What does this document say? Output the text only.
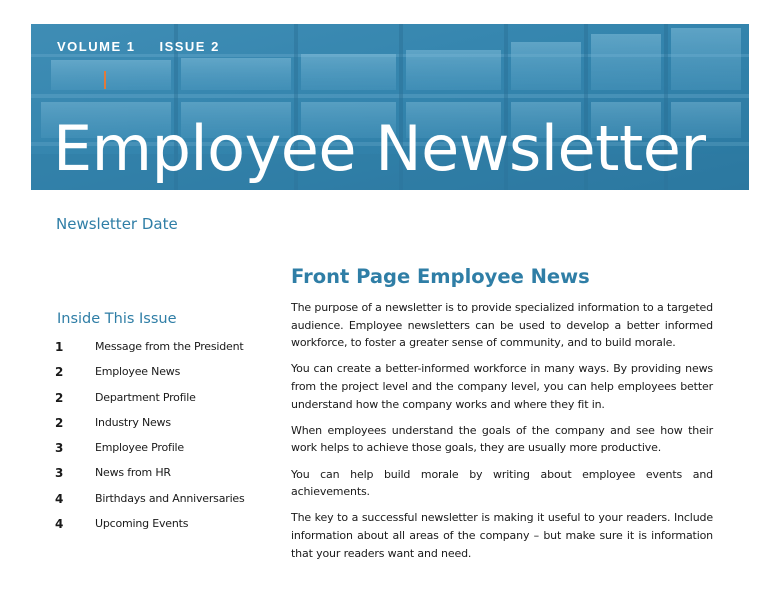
VOLUME 1 ISSUE 2
Employee Newsletter
Newsletter Date
Inside This Issue
1	Message from the President
2	Employee News
2	Department Profile
2	Industry News
3	Employee Profile
3	News from HR
4	Birthdays and Anniversaries
4	Upcoming Events
Front Page Employee News

The purpose of a newsletter is to provide specialized information to a targeted audience. Employee newsletters can be used to develop a better informed workforce, to foster a greater sense of community, and to build morale.

You can create a better-informed workforce in many ways. By providing news from the project level and the company level, you can help employees better understand how the company works and where they fit in.

When employees understand the goals of the company and see how their work helps to achieve those goals, they are usually more productive.

You can help build morale by writing about employee events and achievements.

The key to a successful newsletter is making it useful to your readers. Include information about all areas of the company – but make sure it is information that your readers want and need.
